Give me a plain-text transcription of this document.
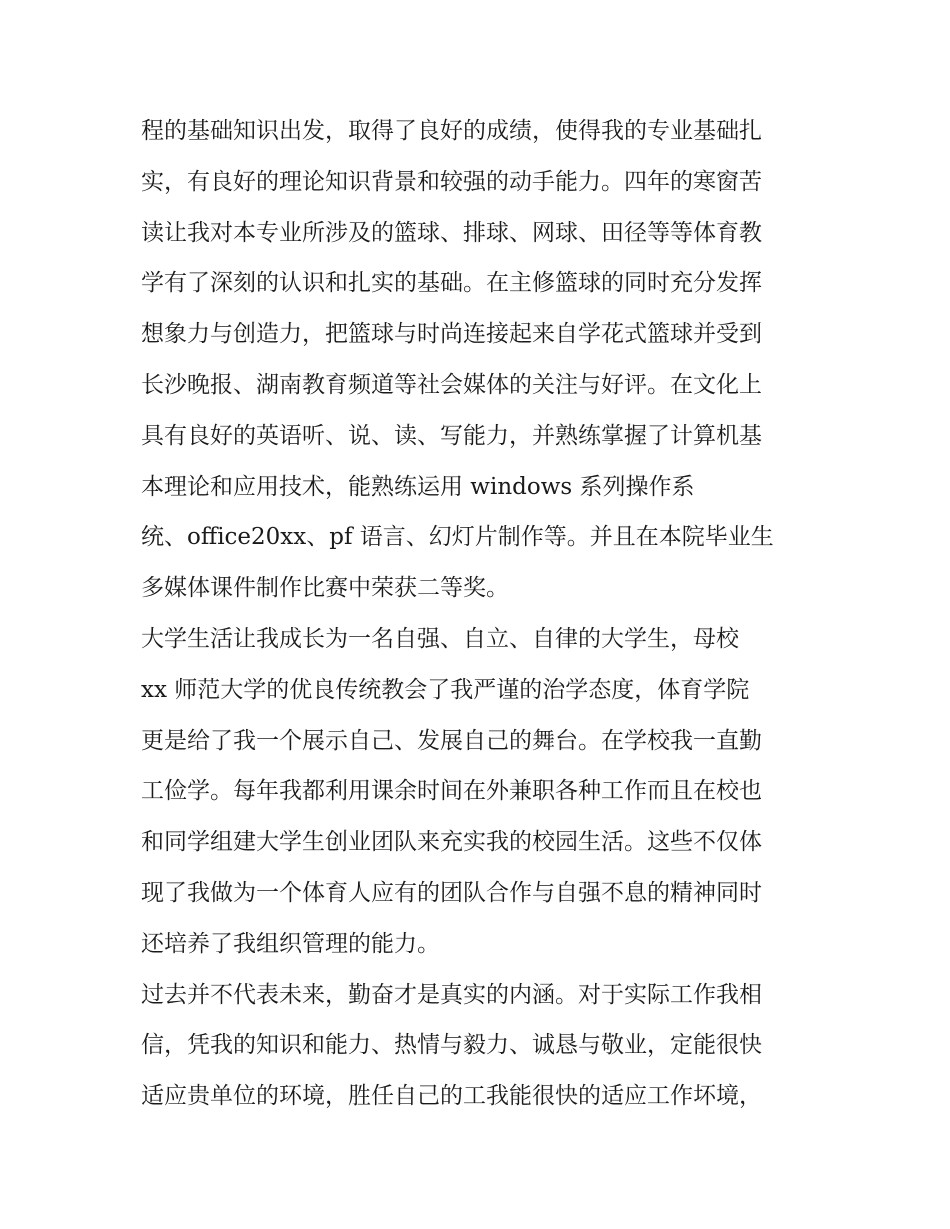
程的基础知识出发，取得了良好的成绩，使得我的专业基础扎
实，有良好的理论知识背景和较强的动手能力。四年的寒窗苦
读让我对本专业所涉及的篮球、排球、网球、田径等等体育教
学有了深刻的认识和扎实的基础。在主修篮球的同时充分发挥
想象力与创造力，把篮球与时尚连接起来自学花式篮球并受到
长沙晚报、湖南教育频道等社会媒体的关注与好评。在文化上
具有良好的英语听、说、读、写能力，并熟练掌握了计算机基
本理论和应用技术，能熟练运用 windows 系列操作系
统、office20xx、pf 语言、幻灯片制作等。并且在本院毕业生
多媒体课件制作比赛中荣获二等奖。
大学生活让我成长为一名自强、自立、自律的大学生，母校
xx 师范大学的优良传统教会了我严谨的治学态度，体育学院
更是给了我一个展示自己、发展自己的舞台。在学校我一直勤
工俭学。每年我都利用课余时间在外兼职各种工作而且在校也
和同学组建大学生创业团队来充实我的校园生活。这些不仅体
现了我做为一个体育人应有的团队合作与自强不息的精神同时
还培养了我组织管理的能力。
过去并不代表未来，勤奋才是真实的内涵。对于实际工作我相
信，凭我的知识和能力、热情与毅力、诚恳与敬业，定能很快
适应贵单位的环境，胜任自己的工我能很快的适应工作坏境，
